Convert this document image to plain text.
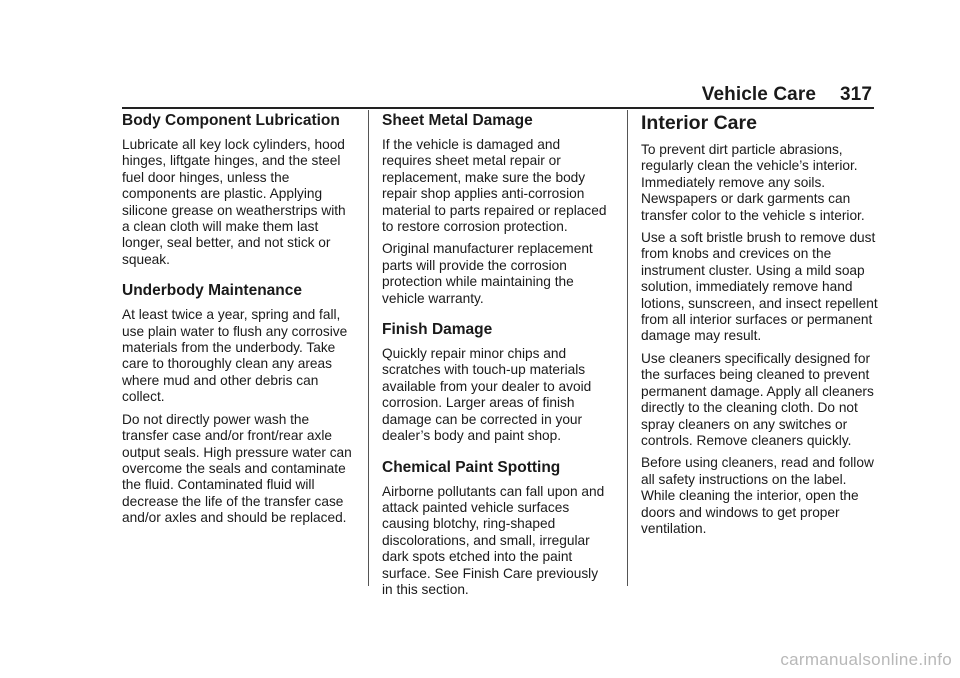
Vehicle Care 317
Body Component Lubrication

Lubricate all key lock cylinders, hood hinges, liftgate hinges, and the steel fuel door hinges, unless the components are plastic. Applying silicone grease on weatherstrips with a clean cloth will make them last longer, seal better, and not stick or squeak.

Underbody Maintenance

At least twice a year, spring and fall, use plain water to flush any corrosive materials from the underbody. Take care to thoroughly clean any areas where mud and other debris can collect.

Do not directly power wash the transfer case and/or front/rear axle output seals. High pressure water can overcome the seals and contaminate the fluid. Contaminated fluid will decrease the life of the transfer case and/or axles and should be replaced.

Sheet Metal Damage

If the vehicle is damaged and requires sheet metal repair or replacement, make sure the body repair shop applies anti-corrosion material to parts repaired or replaced to restore corrosion protection.

Original manufacturer replacement parts will provide the corrosion protection while maintaining the vehicle warranty.

Finish Damage

Quickly repair minor chips and scratches with touch-up materials available from your dealer to avoid corrosion. Larger areas of finish damage can be corrected in your dealer’s body and paint shop.

Chemical Paint Spotting

Airborne pollutants can fall upon and attack painted vehicle surfaces causing blotchy, ring-shaped discolorations, and small, irregular dark spots etched into the paint surface. See Finish Care previously in this section.

Interior Care

To prevent dirt particle abrasions, regularly clean the vehicle’s interior. Immediately remove any soils. Newspapers or dark garments can transfer color to the vehicle s interior.

Use a soft bristle brush to remove dust from knobs and crevices on the instrument cluster. Using a mild soap solution, immediately remove hand lotions, sunscreen, and insect repellent from all interior surfaces or permanent damage may result.

Use cleaners specifically designed for the surfaces being cleaned to prevent permanent damage. Apply all cleaners directly to the cleaning cloth. Do not spray cleaners on any switches or controls. Remove cleaners quickly.

Before using cleaners, read and follow all safety instructions on the label. While cleaning the interior, open the doors and windows to get proper ventilation.

carmanualsonline.info
